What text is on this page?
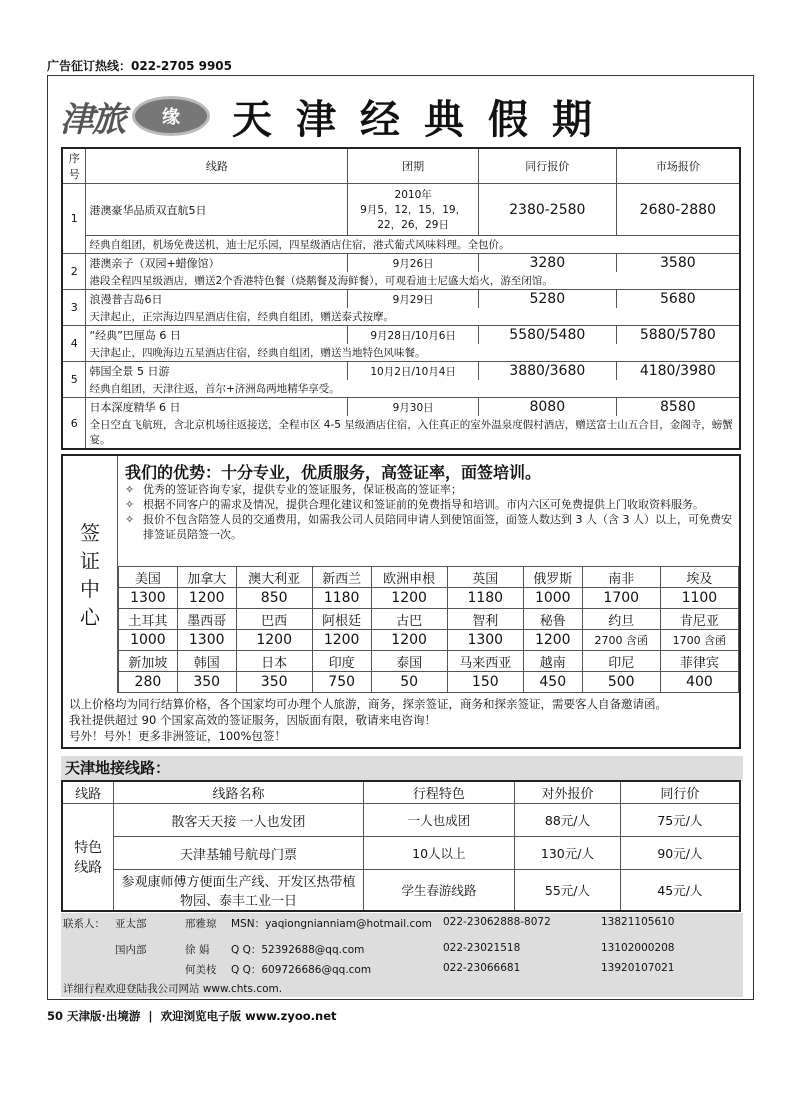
广告征订热线：022-2705 9905
津旅	缘	天津经典假期
序号	线路	团期	同行报价	市场报价
1	港澳豪华品质双直航5日	2010年
9月5，12，15，19，
22，26，29日	2380-2580	2680-2880
	经典自组团，机场免费送机，迪士尼乐园，四星级酒店住宿，港式葡式风味料理。全包价。			
2	港澳亲子（双园+蜡像馆）	9月26日	3280	3580
	港段全程四星级酒店，赠送2个香港特色餐（烧鹅餐及海鲜餐），可观看迪士尼盛大焰火，游至闭馆。			
3	浪漫普吉岛6日	9月29日	5280	5680
	天津起止，正宗海边四星酒店住宿，经典自组团，赠送泰式按摩。			
4	“经典”巴厘岛 6 日	9月28日/10月6日	5580/5480	5880/5780
	天津起止，四晚海边五星酒店住宿，经典自组团，赠送当地特色风味餐。			
5	韩国全景 5 日游	10月2日/10月4日	3880/3680	4180/3980
	经典自组团，天津往返，首尔+济洲岛两地精华享受。			
6	日本深度精华 6 日	9月30日	8080	8580
	全日空直飞航班，含北京机场往返接送，全程市区 4-5 星级酒店住宿，入住真正的室外温泉度假村酒店，赠送富士山五合目，金阁寺，螃蟹宴。			
签
证
中
心
我们的优势：十分专业，优质服务，高签证率，面签培训。
✧ 优秀的签证咨询专家，提供专业的签证服务，保证极高的签证率；
✧ 根据不同客户的需求及情况，提供合理化建议和签证前的免费指导和培训。市内六区可免费提供上门收取资料服务。
✧ 报价不包含陪签人员的交通费用，如需我公司人员陪同申请人到使馆面签，面签人数达到 3 人（含 3 人）以上，可免费安排签证员陪签一次。
美国	加拿大	澳大利亚	新西兰	欧洲申根	英国	俄罗斯	南非	埃及
1300	1200	850	1180	1200	1180	1000	1700	1100
土耳其	墨西哥	巴西	阿根廷	古巴	智利	秘鲁	约旦	肯尼亚
1000	1300	1200	1200	1200	1300	1200	2700 含函	1700 含函
新加坡	韩国	日本	印度	泰国	马来西亚	越南	印尼	菲律宾
280	350	350	750	50	150	450	500	400
以上价格均为同行结算价格，各个国家均可办理个人旅游，商务，探亲签证，商务和探亲签证，需要客人自备邀请函。
我社提供超过 90 个国家高效的签证服务，因版面有限，敬请来电咨询！
号外！号外！更多非洲签证，100%包签！
天津地接线路：
线路	线路名称	行程特色	对外报价	同行价
特色
线路	散客天天接 一人也发团	一人也成团	88元/人	75元/人
	天津基辅号航母门票	10人以上	130元/人	90元/人
	参观康师傅方便面生产线、开发区热带植物园、泰丰工业一日	学生春游线路	55元/人	45元/人
联系人： 亚太部	邢雅琼 MSN：yaqiongnianniam@hotmail.com 022-23062888-8072	13821105610
国内部	徐 娟 Q Q：52392688@qq.com	022-23021518	13102000208
何美枝 Q Q：609726686@qq.com	022-23066681	13920107021
详细行程欢迎登陆我公司网站 www.chts.com.
50 天津版·出境游 | 欢迎浏览电子版 www.zyoo.net
